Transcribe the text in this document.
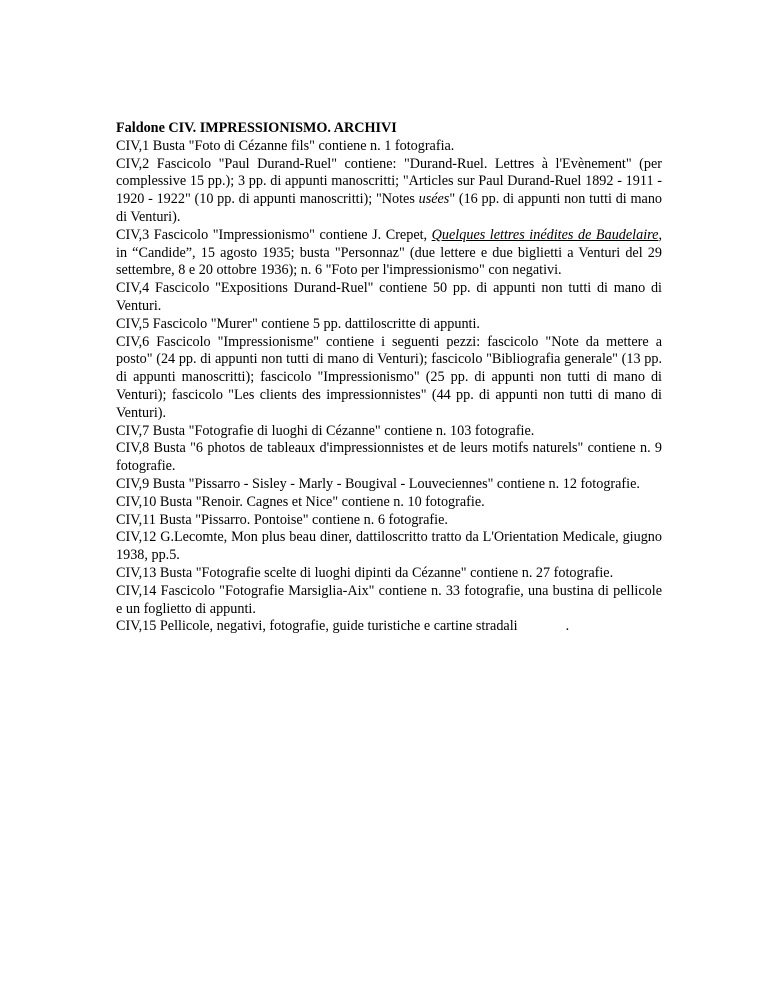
Faldone CIV. IMPRESSIONISMO. ARCHIVI

CIV,1 Busta "Foto di Cézanne fils" contiene n. 1 fotografia.

CIV,2 Fascicolo "Paul Durand-Ruel" contiene: "Durand-Ruel. Lettres à l'Evènement" (per complessive 15 pp.); 3 pp. di appunti manoscritti; "Articles sur Paul Durand-Ruel 1892 - 1911 - 1920 - 1922" (10 pp. di appunti manoscritti); "Notes usées" (16 pp. di appunti non tutti di mano di Venturi).

CIV,3 Fascicolo "Impressionismo" contiene J. Crepet, Quelques lettres inédites de Baudelaire, in “Candide”, 15 agosto 1935; busta "Personnaz" (due lettere e due biglietti a Venturi del 29 settembre, 8 e 20 ottobre 1936); n. 6 "Foto per l'impressionismo" con negativi.

CIV,4 Fascicolo "Expositions Durand-Ruel" contiene 50 pp. di appunti non tutti di mano di Venturi.

CIV,5 Fascicolo "Murer" contiene 5 pp. dattiloscritte di appunti.

CIV,6 Fascicolo "Impressionisme" contiene i seguenti pezzi: fascicolo "Note da mettere a posto" (24 pp. di appunti non tutti di mano di Venturi); fascicolo "Bibliografia generale" (13 pp. di appunti manoscritti); fascicolo "Impressionismo" (25 pp. di appunti non tutti di mano di Venturi); fascicolo "Les clients des impressionnistes" (44 pp. di appunti non tutti di mano di Venturi).

CIV,7 Busta "Fotografie di luoghi di Cézanne" contiene n. 103 fotografie.

CIV,8 Busta "6 photos de tableaux d'impressionnistes et de leurs motifs naturels" contiene n. 9 fotografie.

CIV,9 Busta "Pissarro - Sisley - Marly - Bougival - Louveciennes" contiene n. 12 fotografie.

CIV,10 Busta "Renoir. Cagnes et Nice" contiene n. 10 fotografie.

CIV,11 Busta "Pissarro. Pontoise" contiene n. 6 fotografie.

CIV,12 G.Lecomte, Mon plus beau diner, dattiloscritto tratto da L'Orientation Medicale, giugno 1938, pp.5.

CIV,13 Busta "Fotografie scelte di luoghi dipinti da Cézanne" contiene n. 27 fotografie.

CIV,14 Fascicolo "Fotografie Marsiglia-Aix" contiene n. 33 fotografie, una bustina di pellicole e un foglietto di appunti.

CIV,15 Pellicole, negativi, fotografie, guide turistiche e cartine stradali	.
